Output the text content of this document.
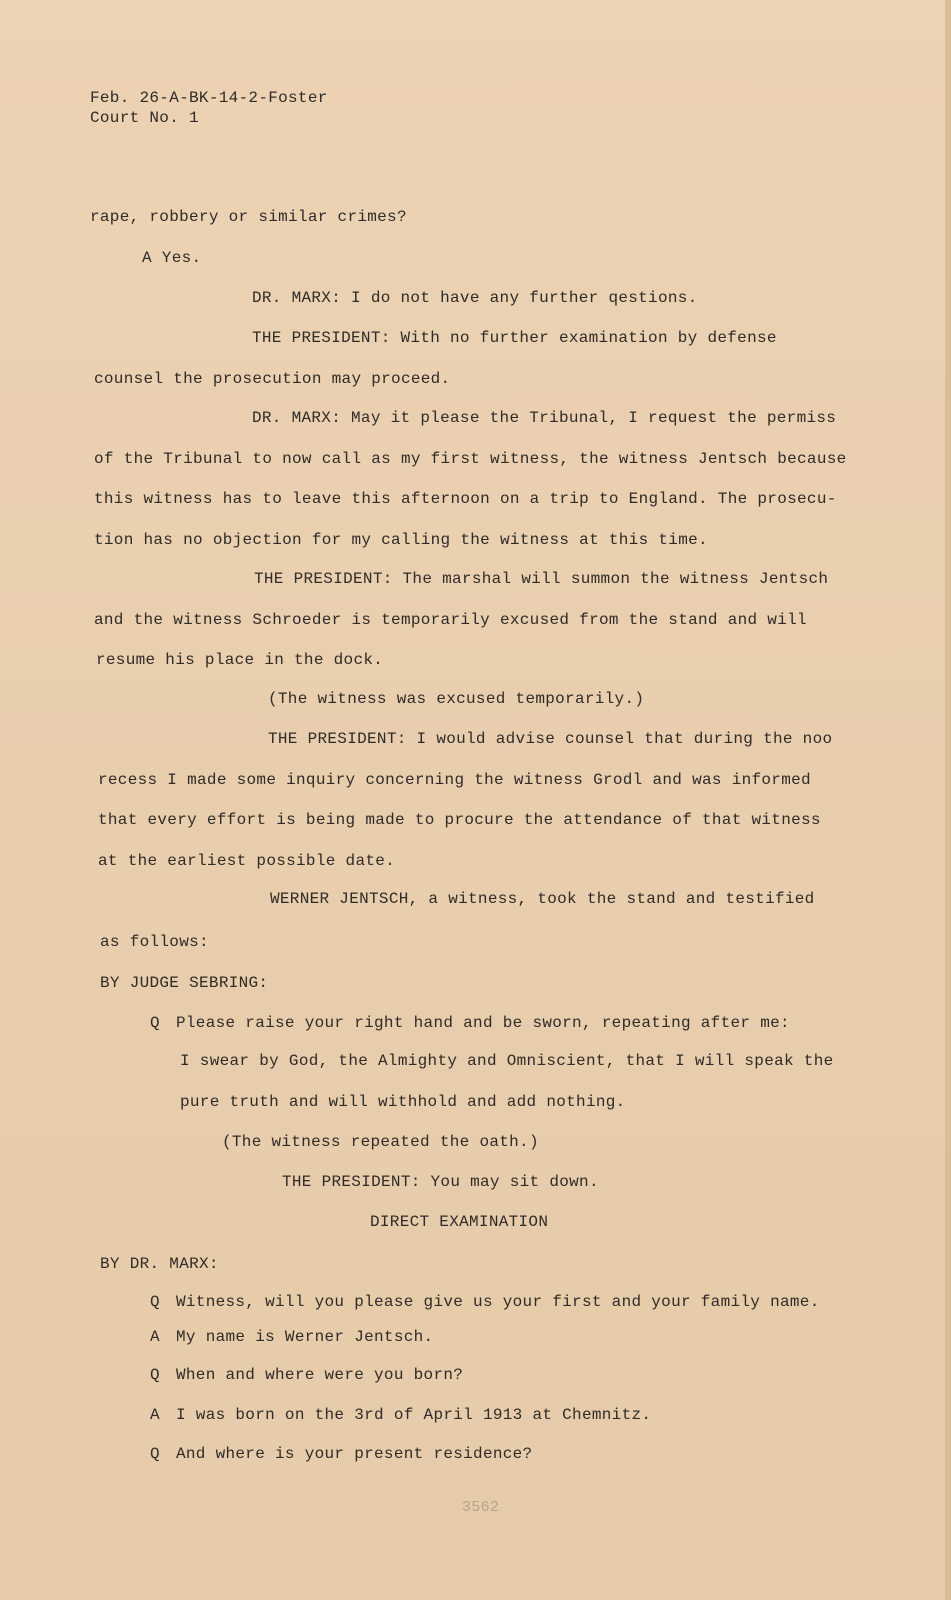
Feb. 26-A-BK-14-2-Foster
Court No. 1
rape, robbery or similar crimes?
A Yes.
DR. MARX: I do not have any further qestions.
THE PRESIDENT: With no further examination by defense
counsel the prosecution may proceed.
DR. MARX: May it please the Tribunal, I request the permiss
of the Tribunal to now call as my first witness, the witness Jentsch because
this witness has to leave this afternoon on a trip to England. The prosecu-
tion has no objection for my calling the witness at this time.
THE PRESIDENT: The marshal will summon the witness Jentsch
and the witness Schroeder is temporarily excused from the stand and will
resume his place in the dock.
(The witness was excused temporarily.)
THE PRESIDENT: I would advise counsel that during the noo
recess I made some inquiry concerning the witness Grodl and was informed
that every effort is being made to procure the attendance of that witness
at the earliest possible date.
WERNER JENTSCH, a witness, took the stand and testified
as follows:
BY JUDGE SEBRING:
Q Please raise your right hand and be sworn, repeating after me:
I swear by God, the Almighty and Omniscient, that I will speak the
pure truth and will withhold and add nothing.
(The witness repeated the oath.)
THE PRESIDENT: You may sit down.
DIRECT EXAMINATION
BY DR. MARX:
Q Witness, will you please give us your first and your family name.
A My name is Werner Jentsch.
Q When and where were you born?
A I was born on the 3rd of April 1913 at Chemnitz.
Q And where is your present residence?
3562
